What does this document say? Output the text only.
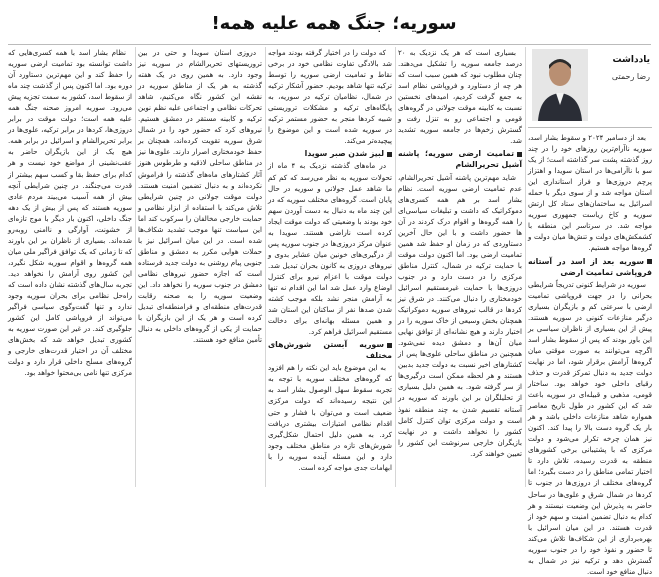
سوریه؛ جنگ همه علیه همه!
یادداشت
رضا رحمتی

بعد از دسامبر ۲۰۲۴ و سقوط بشار اسد، سوریه ناآرام‌ترین روزهای خود را در چند روز گذشته پشت سر گذاشته است؛ از یک سو با ناآرامی‌ها در استان سویدا و اهتزاز پرچم دروزی‌ها و فراز استانداری این استان مواجه شد و از سوی دیگر با حمله اسرائیل به ساختمان‌های ستاد کل ارتش سوریه و کاخ ریاست جمهوری سوریه مواجه شد. در سرتاسر این منطقه با کشمکش‌های دولت و تنش‌ها میان دولت و گروه‌ها مواجه هستیم.

سوریه بعد از اسد در آستانه فروپاشی تمامیت ارضی

سوریه در شرایط کنونی تدریجاً شرایطی بحرانی را در جهت فروپاشی تمامیت ارضی با سرعتی کم و بازیگران بسیاری درگیر منازعات کنونی در سوریه هستند. پیش از این بسیاری از ناظران سیاسی بر این باور بودند که پس از سقوط بشار اسد اگرچه می‌توانند به صورت موقتی میان گروه‌ها آرامش برقرار شود، اما در نهایت دولت جدید به دنبال تمرکز قدرت و حذف رقبای داخلی خود خواهد بود. ساختار قومی، مذهبی و قبیله‌ای در سوریه باعث شد که این کشور در طول تاریخ معاصر همواره شاهد منازعات داخلی باشد و هر بار یک گروه دست بالا را پیدا کند. اکنون نیز همان چرخه تکرار می‌شود و دولت مرکزی که با پشتیبانی برخی کشورهای منطقه به قدرت رسیده، تلاش دارد تا اختیار تمامی مناطق را در دست بگیرد؛ اما گروه‌های مختلف از دروزی‌ها در جنوب تا کردها در شمال شرق و علوی‌ها در ساحل حاضر به پذیرش این وضعیت نیستند و هر کدام به دنبال تضمین امنیت و سهم خود از قدرت هستند. در این میان اسرائیل با بهره‌برداری از این شکاف‌ها تلاش می‌کند تا حضور و نفوذ خود را در جنوب سوریه گسترش دهد و ترکیه نیز در شمال به دنبال منافع خود است.

بسیاری است که هر یک نزدیک به ۲۰ درصد جامعه سوریه را تشکیل می‌دهند. چنان مطلوب نبود که همین سبب است که هر چه از دستاورد و فروپاشی نظام اسد به جمع گرفت کردیم، امیدهای نخستین نسبت به کابینه موقت جولانی در گروه‌های قومی و اجتماعی رو به تنزل رفت و گسترش زخم‌ها در جامعه سوریه تشدید شد.

تمامیت ارضی سوریه؛ پاشنه آشیل تحریرالشام

شاید مهم‌ترین پاشنه آشیل تحریرالشام، عدم تمامیت ارضی سوریه است. نظام بشار اسد بر هم همه کسری‌های دموکراتیک که داشت و تبلیغات سیاسی‌ای را همه گروه‌ها و اقوام درک کردند در آن ها حضور داشت و با این حال آخرین دستاوردی که در زمان او حفظ شد همین تمامیت ارضی بود. اما اکنون دولت موقت با حمایت ترکیه در شمال، کنترل مناطق مرکزی را در دست دارد و در جنوب دروزی‌ها با حمایت غیرمستقیم اسرائیل خودمختاری را دنبال می‌کنند. در شرق نیز کردها در قالب نیروهای سوریه دموکراتیک همچنان بخش وسیعی از خاک سوریه را در اختیار دارند و هیچ نشانه‌ای از توافق نهایی میان آن‌ها و دمشق دیده نمی‌شود. همچنین در مناطق ساحلی علوی‌ها پس از کشتارهای اخیر نسبت به دولت جدید بدبین هستند و هر لحظه ممکن است درگیری‌ها از سر گرفته شود. به همین دلیل بسیاری از تحلیلگران بر این باورند که سوریه در آستانه تقسیم شدن به چند منطقه نفوذ است و دولت مرکزی توان کنترل کامل کشور را نخواهد داشت و در نهایت بازیگران خارجی سرنوشت این کشور را تعیین خواهند کرد.

که دولت را در اختیار گرفته بودند مواجه شد بالادگی تفاوت نظامی خود در برخی نقاط و تمامیت ارضی سوریه را توسط ترکیه تنها شاهد بودیم. حضور آشکار ترکیه در شمال، نظامیان ترکیه در سوریه، به پایگاه‌های ترکیه و مشکلات تروریستی شبیه کردها منجر به حضور مستمر ترکیه در سوریه شده است و این موضوع را پیچیده‌تر می‌کند.

لبیز شدن صبر سویدا

در ماه‌های گذشته نزدیک به ۴ ماه از تحولات سوریه به نظر می‌رسد که کم کم ما شاهد عمل جولانی و سوریه در حال پایان است. گروه‌های مختلف سوریه که در این چند ماه به دنبال به دست آوردن سهم خود بودند با وضعیتی که دولت موقت ایجاد کرده است ناراضی هستند. سویدا به عنوان مرکز دروزی‌ها در جنوب سوریه پس از درگیری‌های خونین میان عشایر بدوی و نیروهای دروزی به کانون بحران تبدیل شد. دولت موقت با اعزام نیرو برای کنترل اوضاع وارد عمل شد اما این اقدام نه تنها به آرامش منجر نشد بلکه موجب کشته شدن صدها نفر از ساکنان این استان شد و همین مسئله بهانه‌ای برای دخالت مستقیم اسرائیل فراهم کرد.

سوریه آبستن شورش‌های مختلف

به این موضوع باید این نکته را هم افزود که گروه‌های مختلف سوریه با توجه به تجربه سقوط سهل الوصول بشار اسد به این نتیجه رسیده‌اند که دولت مرکزی ضعیف است و می‌توان با فشار و حتی اقدام نظامی امتیازات بیشتری دریافت کرد. به همین دلیل احتمال شکل‌گیری شورش‌های تازه در مناطق مختلف وجود دارد و این مسئله آینده سوریه را با ابهامات جدی مواجه کرده است.

دروزی استان سویدا و حتی در بین تروریستهای تحریرالشام در سوریه نیز وجود دارد. به همین روی در یک هفته گذشته به هر یک از مناطق سوریه در نقشه این کشور نگاه می‌کنیم، شاهد تحرکات نظامی و اجتماعی علیه نظم نوین ترکیه و کابینه مستقر در دمشق هستیم. نیروهای کرد که حضور خود را در شمال شرق سوریه تقویت کرده‌اند، همچنان بر حفظ خودمختاری اصرار دارند. علوی‌ها نیز در مناطق ساحلی لاذقیه و طرطوس هنوز آثار کشتارهای ماه‌های گذشته را فراموش نکرده‌اند و به دنبال تضمین امنیت هستند. دولت موقت جولانی در چنین شرایطی تلاش می‌کند با استفاده از ابزار نظامی و حمایت خارجی مخالفان را سرکوب کند اما این سیاست تنها موجب تشدید شکاف‌ها شده است. در این میان اسرائیل نیز با حملات هوایی مکرر به دمشق و مناطق جنوبی پیام روشنی به دولت جدید فرستاده است که اجازه حضور نیروهای نظامی دمشق در جنوب سوریه را نخواهد داد. این وضعیت سوریه را به صحنه رقابت قدرت‌های منطقه‌ای و فرامنطقه‌ای تبدیل کرده است و هر یک از این بازیگران با حمایت از یکی از گروه‌های داخلی به دنبال تأمین منافع خود هستند.

نظام بشار اسد با همه کسری‌هایی که داشت توانسته بود تمامیت ارضی سوریه را حفظ کند و این مهم‌ترین دستاورد آن دوره بود. اما اکنون پس از گذشت چند ماه از سقوط اسد، کشور به سمت تجزیه پیش می‌رود. سوریه امروز صحنه جنگ همه علیه همه است؛ دولت موقت در برابر دروزی‌ها، کردها در برابر ترکیه، علوی‌ها در برابر تحریرالشام و اسرائیل در برابر همه. هیچ یک از این بازیگران حاضر به عقب‌نشینی از مواضع خود نیست و هر کدام برای حفظ بقا و کسب سهم بیشتر از قدرت می‌جنگند. در چنین شرایطی آنچه بیش از همه آسیب می‌بیند مردم عادی سوریه هستند که پس از بیش از یک دهه جنگ داخلی، اکنون بار دیگر با موج تازه‌ای از خشونت، آوارگی و ناامنی روبه‌رو شده‌اند. بسیاری از ناظران بر این باورند که تا زمانی که یک توافق فراگیر ملی میان همه گروه‌ها و اقوام سوریه شکل نگیرد، این کشور روی آرامش را نخواهد دید. تجربه سال‌های گذشته نشان داده است که راه‌حل نظامی برای بحران سوریه وجود ندارد و تنها گفت‌وگوی سیاسی فراگیر می‌تواند از فروپاشی کامل این کشور جلوگیری کند. در غیر این صورت سوریه به کشوری تبدیل خواهد شد که بخش‌های مختلف آن در اختیار قدرت‌های خارجی و گروه‌های مسلح داخلی قرار دارد و دولت مرکزی تنها نامی بی‌محتوا خواهد بود.
